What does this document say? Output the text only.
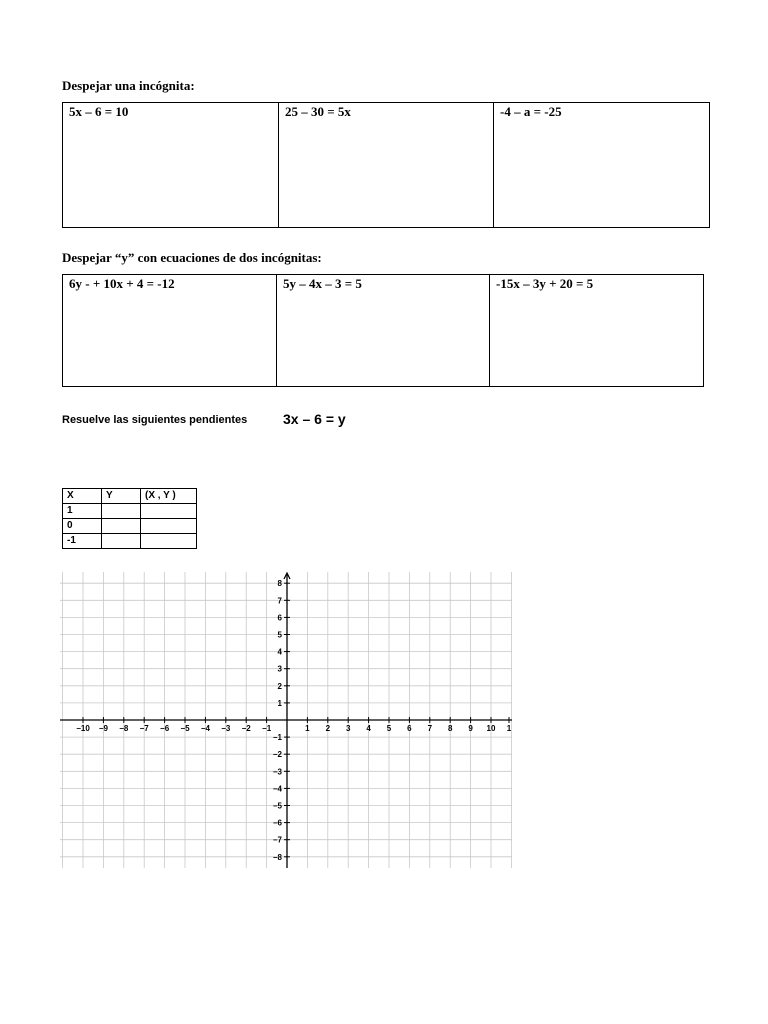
Despejar una incógnita:
5x – 6 = 10	25 – 30 = 5x	-4 – a = -25
Despejar “y” con ecuaciones de dos incógnitas:
6y - + 10x + 4 = -12	5y – 4x – 3 = 5	-15x – 3y + 20 = 5
Resuelve las siguientes pendientes	3x – 6 = y
X	Y	(X , Y )
1		
0		
-1		
−10 −9 −8 −7 −6 −5 −4 −3 −2 −1	1 2 3 4 5 6 7 8 9 10 1
8
7
6
5
4
3
2
1
−1
−2
−3
−4
−5
−6
−7
−8
